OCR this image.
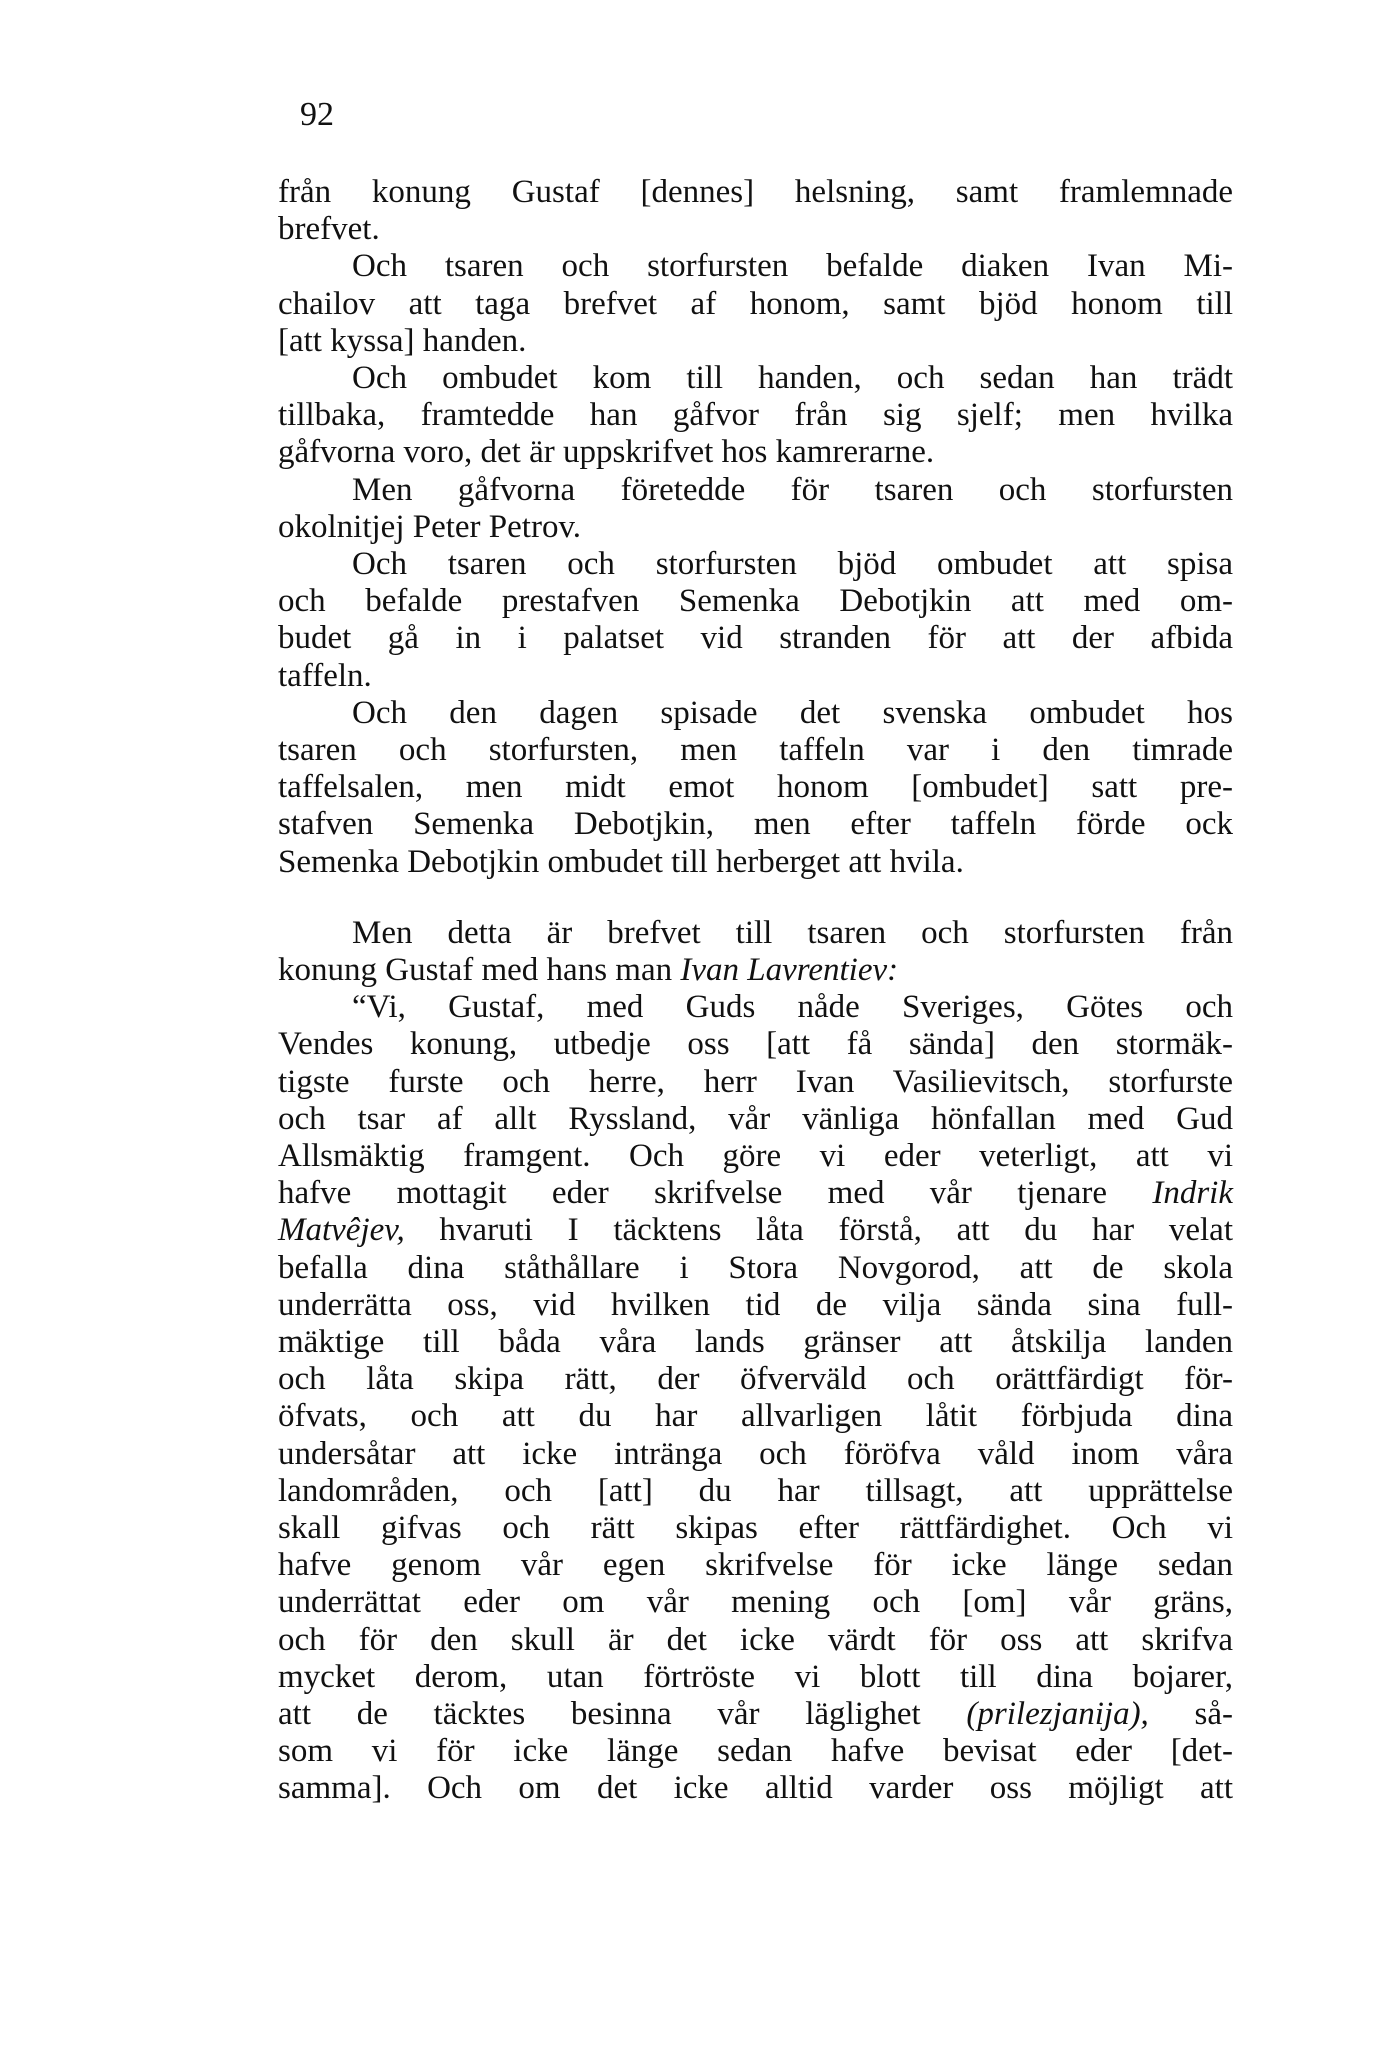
92
från konung Gustaf [dennes] helsning, samt framlemnade
brefvet.
Och tsaren och storfursten befalde diaken Ivan Mi-
chailov att taga brefvet af honom, samt bjöd honom till
[att kyssa] handen.
Och ombudet kom till handen, och sedan han trädt
tillbaka, framtedde han gåfvor från sig sjelf; men hvilka
gåfvorna voro, det är uppskrifvet hos kamrerarne.
Men gåfvorna företedde för tsaren och storfursten
okolnitjej Peter Petrov.
Och tsaren och storfursten bjöd ombudet att spisa
och befalde prestafven Semenka Debotjkin att med om-
budet gå in i palatset vid stranden för att der afbida
taffeln.
Och den dagen spisade det svenska ombudet hos
tsaren och storfursten, men taffeln var i den timrade
taffelsalen, men midt emot honom [ombudet] satt pre-
stafven Semenka Debotjkin, men efter taffeln förde ock
Semenka Debotjkin ombudet till herberget att hvila.
Men detta är brefvet till tsaren och storfursten från
konung Gustaf med hans man Ivan Lavrentiev:
“Vi, Gustaf, med Guds nåde Sveriges, Götes och
Vendes konung, utbedje oss [att få sända] den stormäk-
tigste furste och herre, herr Ivan Vasilievitsch, storfurste
och tsar af allt Ryssland, vår vänliga hönfallan med Gud
Allsmäktig framgent. Och göre vi eder veterligt, att vi
hafve mottagit eder skrifvelse med vår tjenare Indrik
Matvêjev, hvaruti I täcktens låta förstå, att du har velat
befalla dina ståthållare i Stora Novgorod, att de skola
underrätta oss, vid hvilken tid de vilja sända sina full-
mäktige till båda våra lands gränser att åtskilja landen
och låta skipa rätt, der öfverväld och orättfärdigt för-
öfvats, och att du har allvarligen låtit förbjuda dina
undersåtar att icke intränga och föröfva våld inom våra
landområden, och [att] du har tillsagt, att upprättelse
skall gifvas och rätt skipas efter rättfärdighet. Och vi
hafve genom vår egen skrifvelse för icke länge sedan
underrättat eder om vår mening och [om] vår gräns,
och för den skull är det icke värdt för oss att skrifva
mycket derom, utan förtröste vi blott till dina bojarer,
att de täcktes besinna vår läglighet (prilezjanija), så-
som vi för icke länge sedan hafve bevisat eder [det-
samma]. Och om det icke alltid varder oss möjligt att
